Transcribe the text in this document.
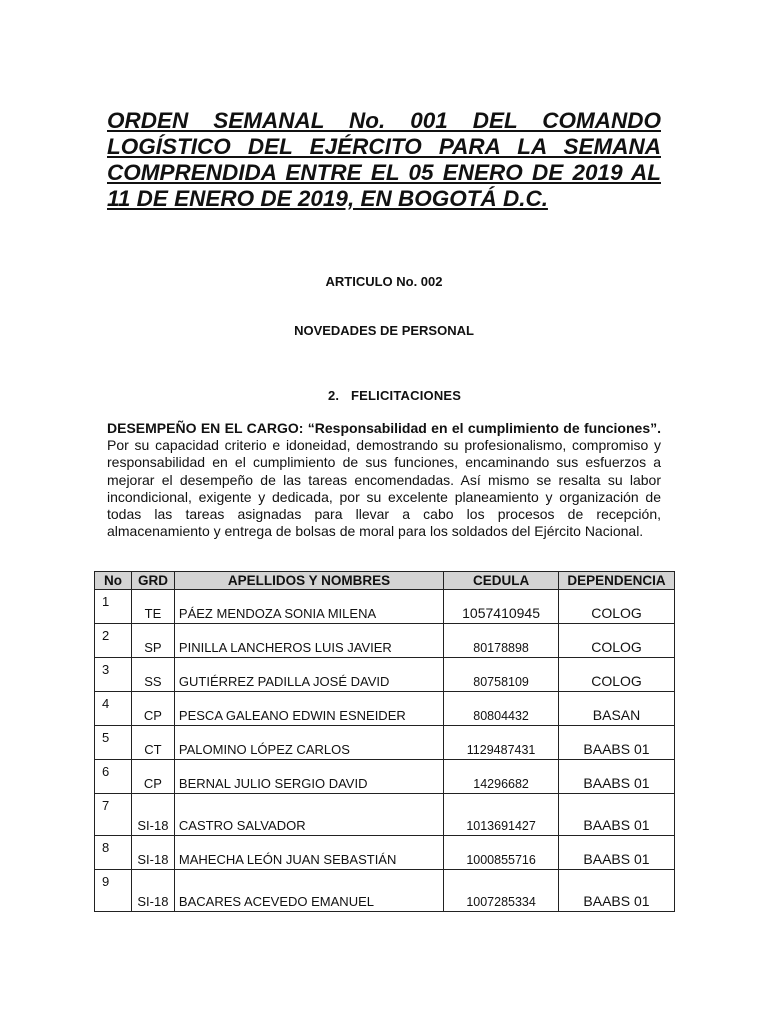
ORDEN SEMANAL No. 001 DEL COMANDO LOGÍSTICO DEL EJÉRCITO PARA LA SEMANA COMPRENDIDA ENTRE EL 05 ENERO DE 2019 AL 11 DE ENERO DE 2019, EN BOGOTÁ D.C.

ARTICULO No. 002

NOVEDADES DE PERSONAL

2. FELICITACIONES

DESEMPEÑO EN EL CARGO: “Responsabilidad en el cumplimiento de funciones”. Por su capacidad criterio e idoneidad, demostrando su profesionalismo, compromiso y responsabilidad en el cumplimiento de sus funciones, encaminando sus esfuerzos a mejorar el desempeño de las tareas encomendadas. Así mismo se resalta su labor incondicional, exigente y dedicada, por su excelente planeamiento y organización de todas las tareas asignadas para llevar a cabo los procesos de recepción, almacenamiento y entrega de bolsas de moral para los soldados del Ejército Nacional.

No	GRD	APELLIDOS Y NOMBRES	CEDULA	DEPENDENCIA
1	TE	PÁEZ MENDOZA SONIA MILENA	1057410945	COLOG
2	SP	PINILLA LANCHEROS LUIS JAVIER	80178898	COLOG
3	SS	GUTIÉRREZ PADILLA JOSÉ DAVID	80758109	COLOG
4	CP	PESCA GALEANO EDWIN ESNEIDER	80804432	BASAN
5	CT	PALOMINO LÓPEZ CARLOS	1129487431	BAABS 01
6	CP	BERNAL JULIO SERGIO DAVID	14296682	BAABS 01
7	SI-18	CASTRO SALVADOR	1013691427	BAABS 01
8	SI-18	MAHECHA LEÓN JUAN SEBASTIÁN	1000855716	BAABS 01
9	SI-18	BACARES ACEVEDO EMANUEL	1007285334	BAABS 01
